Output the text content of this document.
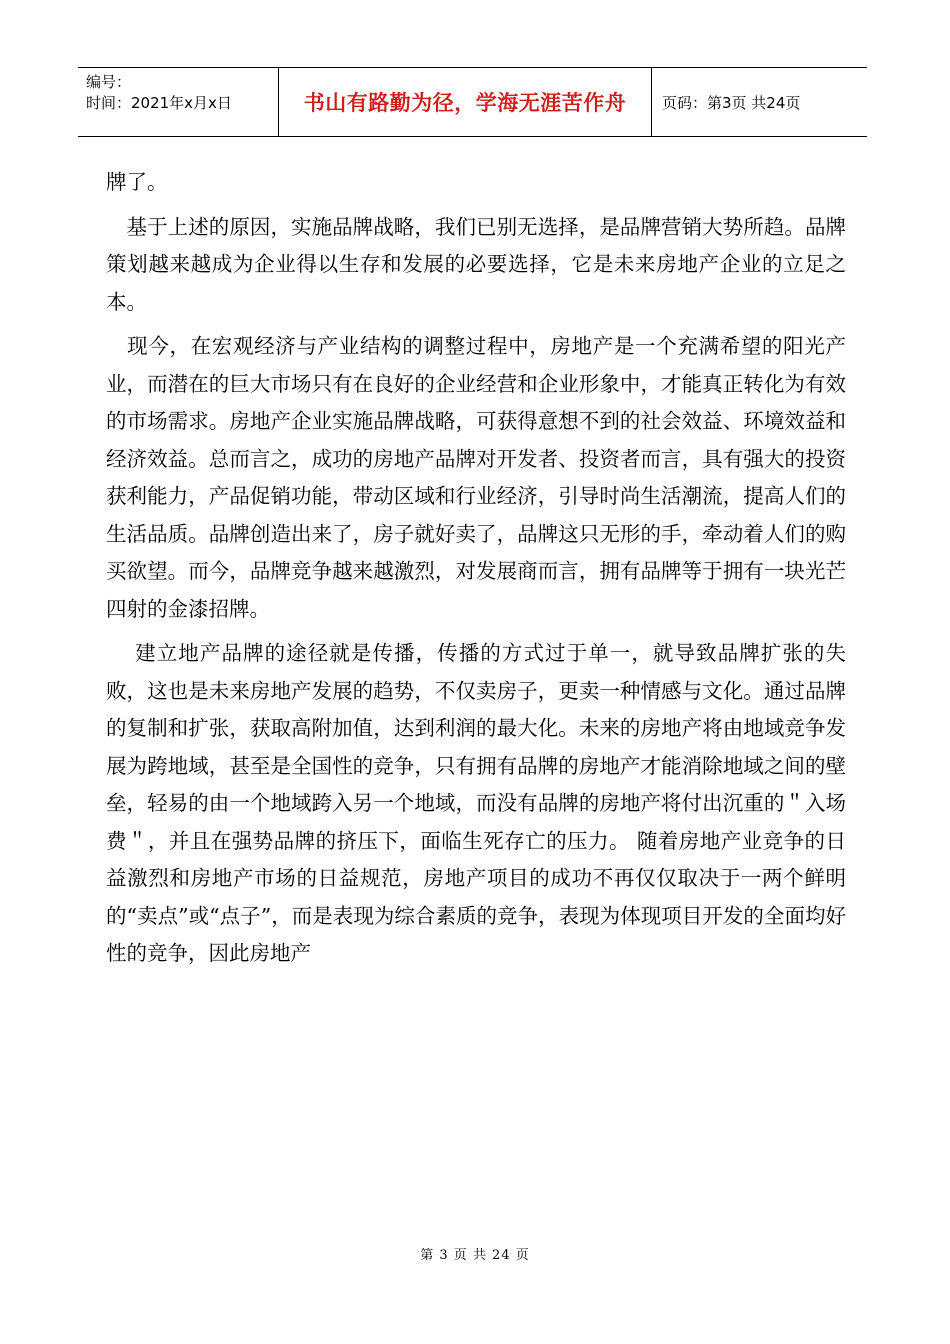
编号：
时间：2021年x月x日	书山有路勤为径，学海无涯苦作舟 页码：第3页 共24页

牌了。

　基于上述的原因，实施品牌战略，我们已别无选择，是品牌营销大势所趋。品牌策划越来越成为企业得以生存和发展的必要选择，它是未来房地产企业的立足之本。

　现今，在宏观经济与产业结构的调整过程中，房地产是一个充满希望的阳光产业，而潜在的巨大市场只有在良好的企业经营和企业形象中，才能真正转化为有效的市场需求。房地产企业实施品牌战略，可获得意想不到的社会效益、环境效益和经济效益。总而言之，成功的房地产品牌对开发者、投资者而言，具有强大的投资获利能力，产品促销功能，带动区域和行业经济，引导时尚生活潮流，提高人们的生活品质。品牌创造出来了，房子就好卖了，品牌这只无形的手，牵动着人们的购买欲望。而今，品牌竞争越来越激烈，对发展商而言，拥有品牌等于拥有一块光芒四射的金漆招牌。

　 建立地产品牌的途径就是传播，传播的方式过于单一，就导致品牌扩张的失败，这也是未来房地产发展的趋势，不仅卖房子，更卖一种情感与文化。通过品牌的复制和扩张，获取高附加值，达到利润的最大化。未来的房地产将由地域竞争发展为跨地域，甚至是全国性的竞争，只有拥有品牌的房地产才能消除地域之间的壁垒，轻易的由一个地域跨入另一个地域，而没有品牌的房地产将付出沉重的＂入场费＂，并且在强势品牌的挤压下，面临生死存亡的压力。 随着房地产业竞争的日益激烈和房地产市场的日益规范，房地产项目的成功不再仅仅取决于一两个鲜明的“卖点”或“点子”，而是表现为综合素质的竞争，表现为体现项目开发的全面均好性的竞争，因此房地产

第 3 页 共 24 页
